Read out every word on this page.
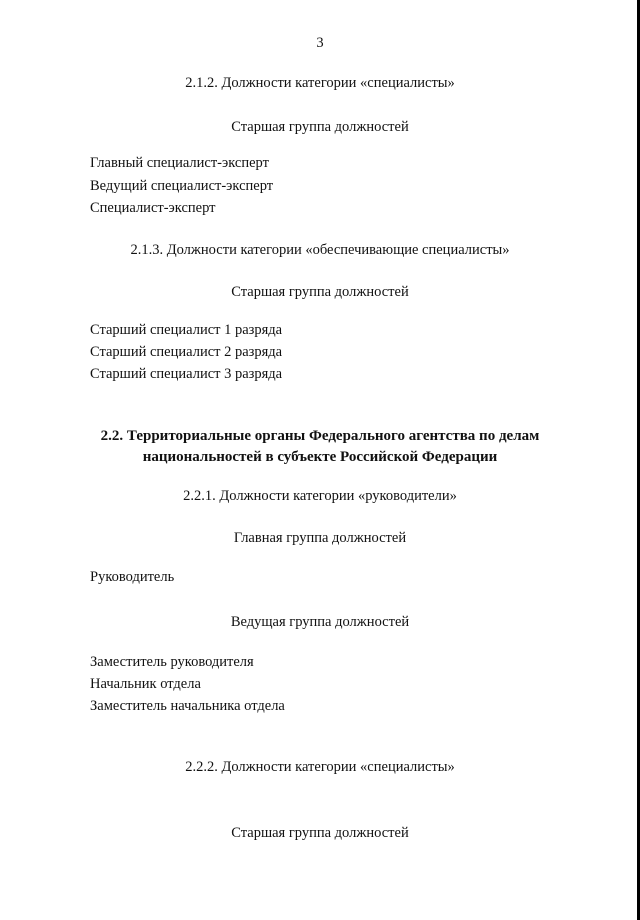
3
2.1.2. Должности категории «специалисты»
Старшая группа должностей
Главный специалист-эксперт
Ведущий специалист-эксперт
Специалист-эксперт
2.1.3. Должности категории «обеспечивающие специалисты»
Старшая группа должностей
Старший специалист 1 разряда
Старший специалист 2 разряда
Старший специалист 3 разряда
2.2. Территориальные органы Федерального агентства по делам
национальностей в субъекте Российской Федерации
2.2.1. Должности категории «руководители»
Главная группа должностей
Руководитель
Ведущая группа должностей
Заместитель руководителя
Начальник отдела
Заместитель начальника отдела
2.2.2. Должности категории «специалисты»
Старшая группа должностей
